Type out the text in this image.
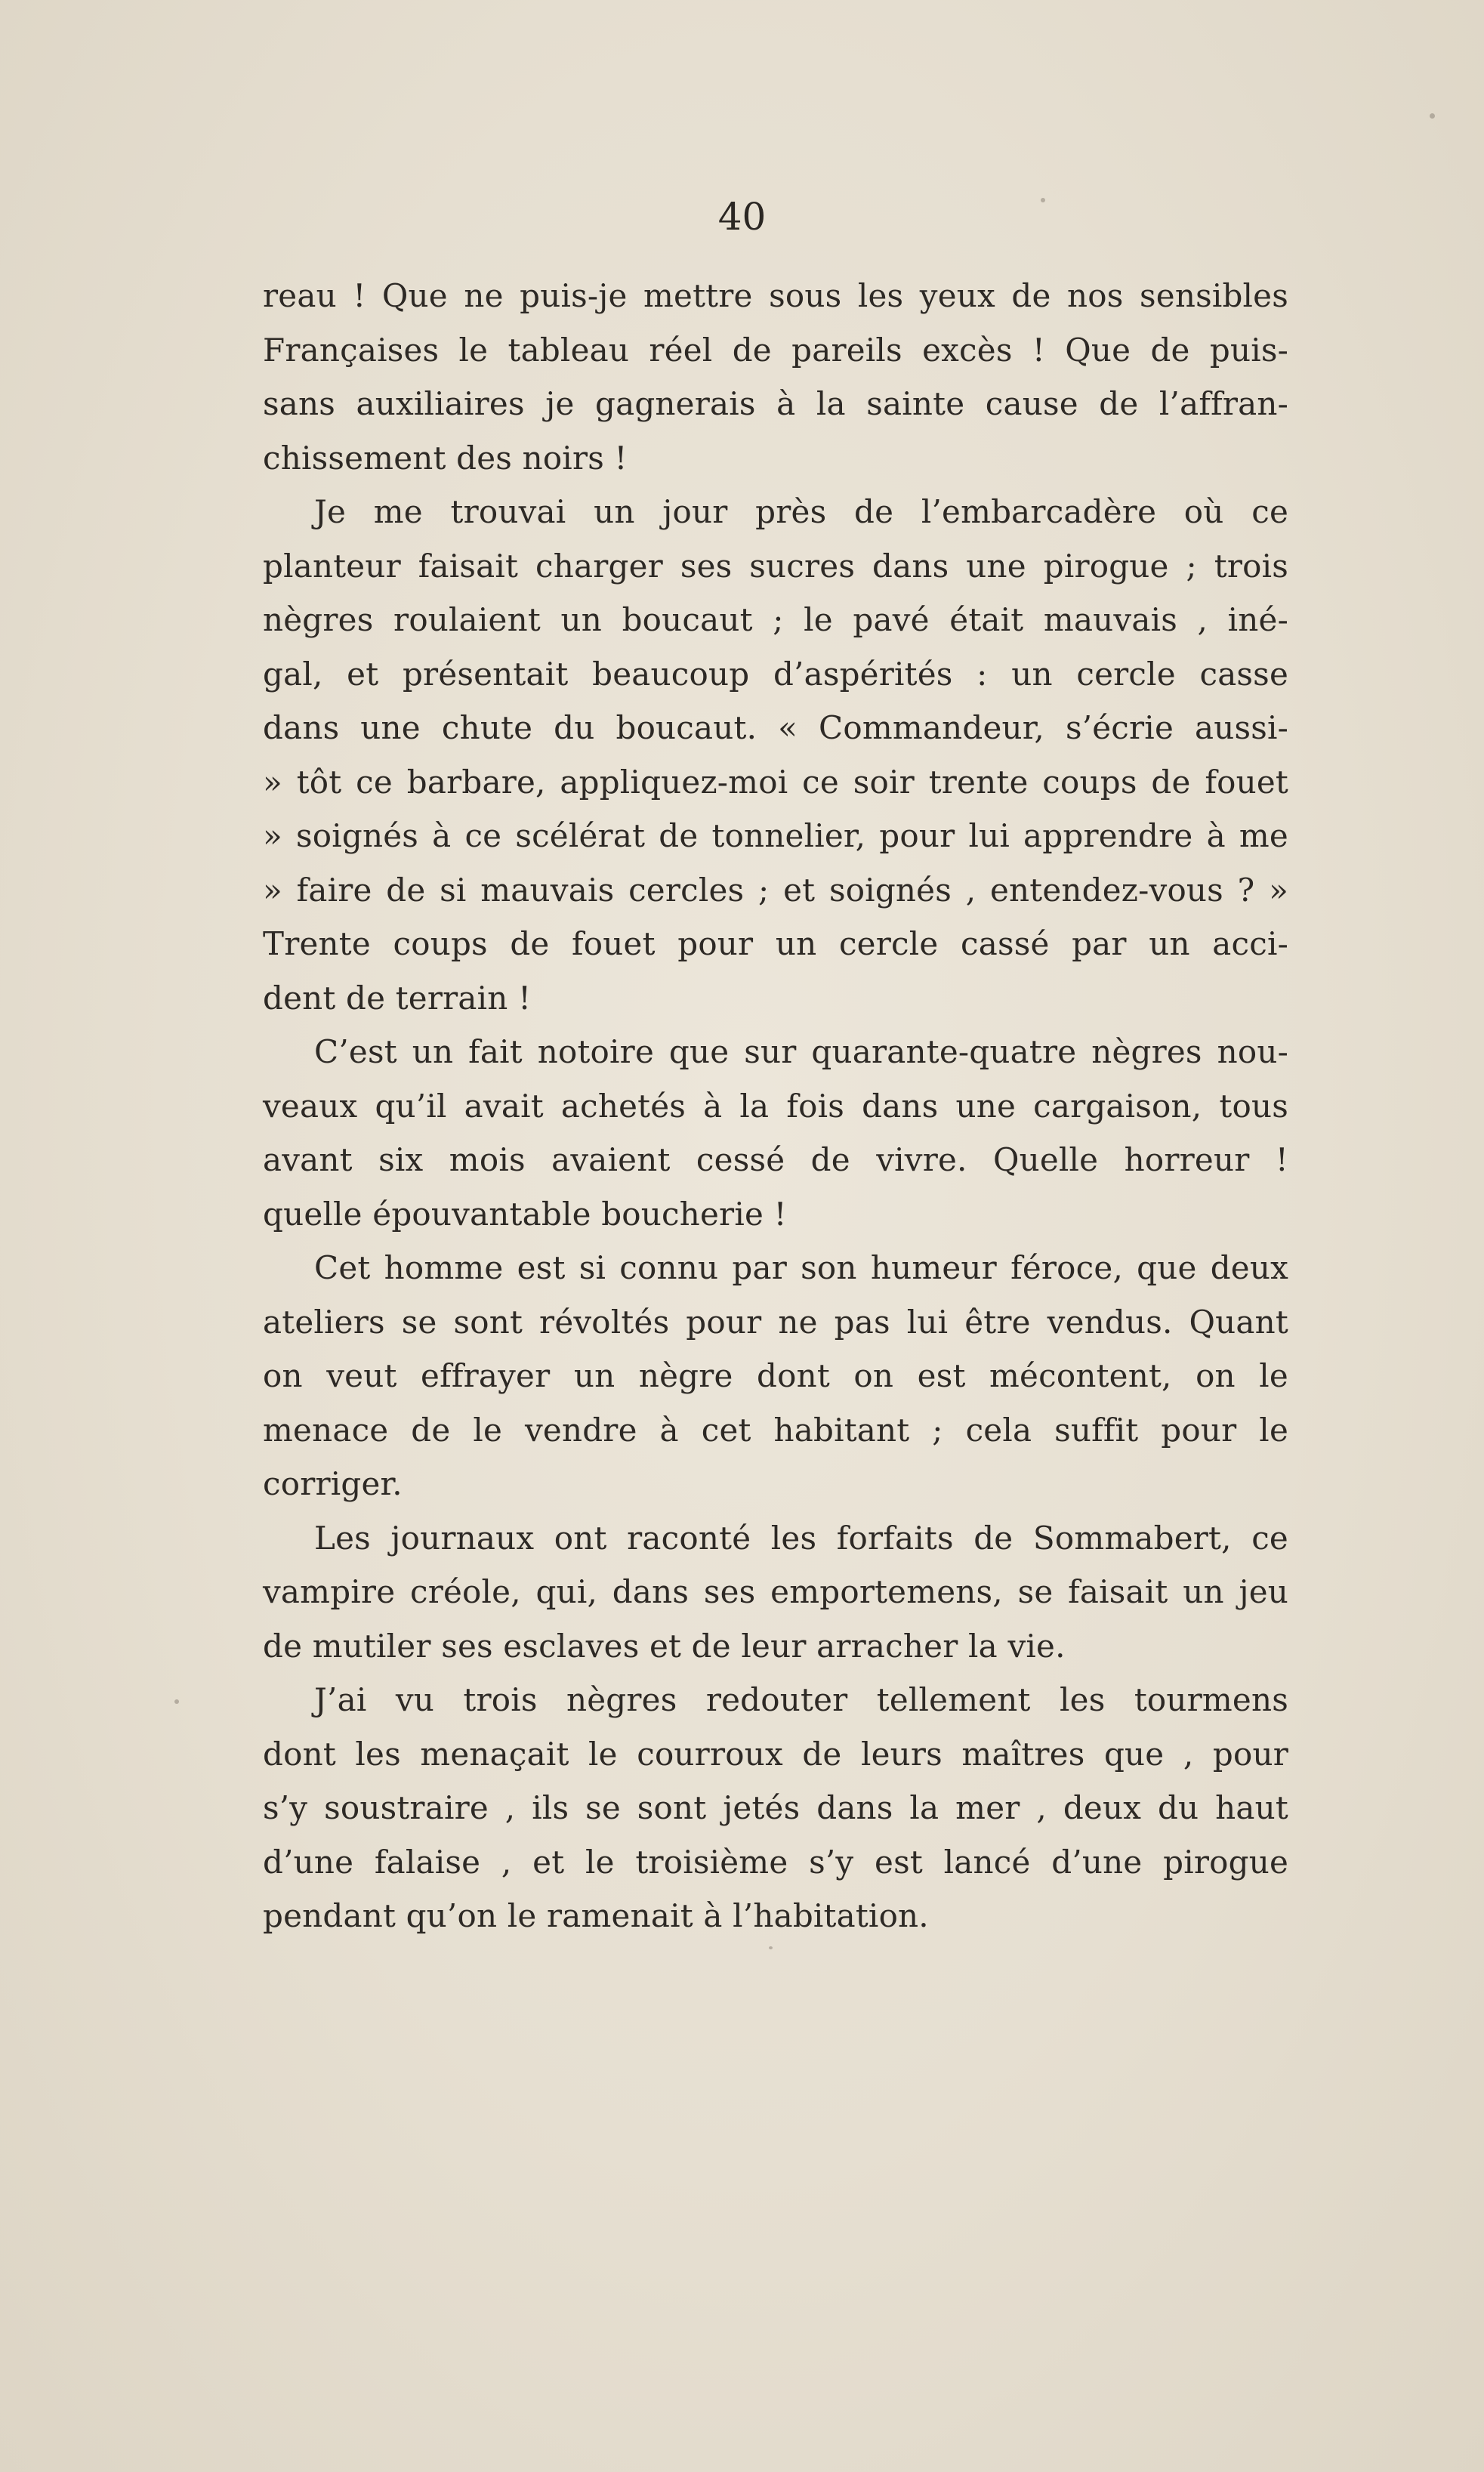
40
reau ! Que ne puis-je mettre sous les yeux de nos sensibles
Françaises le tableau réel de pareils excès ! Que de puis-
sans auxiliaires je gagnerais à la sainte cause de l’affran-
chissement des noirs !
Je me trouvai un jour près de l’embarcadère où ce
planteur faisait charger ses sucres dans une pirogue ; trois
nègres roulaient un boucaut ; le pavé était mauvais , iné-
gal, et présentait beaucoup d’aspérités : un cercle casse
dans une chute du boucaut. « Commandeur, s’écrie aussi-
» tôt ce barbare, appliquez-moi ce soir trente coups de fouet
» soignés à ce scélérat de tonnelier, pour lui apprendre à me
» faire de si mauvais cercles ; et soignés , entendez-vous ? »
Trente coups de fouet pour un cercle cassé par un acci-
dent de terrain !
C’est un fait notoire que sur quarante-quatre nègres nou-
veaux qu’il avait achetés à la fois dans une cargaison, tous
avant six mois avaient cessé de vivre. Quelle horreur !
quelle épouvantable boucherie !
Cet homme est si connu par son humeur féroce, que deux
ateliers se sont révoltés pour ne pas lui être vendus. Quant
on veut effrayer un nègre dont on est mécontent, on le
menace de le vendre à cet habitant ; cela suffit pour le
corriger.
Les journaux ont raconté les forfaits de Sommabert, ce
vampire créole, qui, dans ses emportemens, se faisait un jeu
de mutiler ses esclaves et de leur arracher la vie.
J’ai vu trois nègres redouter tellement les tourmens
dont les menaçait le courroux de leurs maîtres que , pour
s’y soustraire , ils se sont jetés dans la mer , deux du haut
d’une falaise , et le troisième s’y est lancé d’une pirogue
pendant qu’on le ramenait à l’habitation.
